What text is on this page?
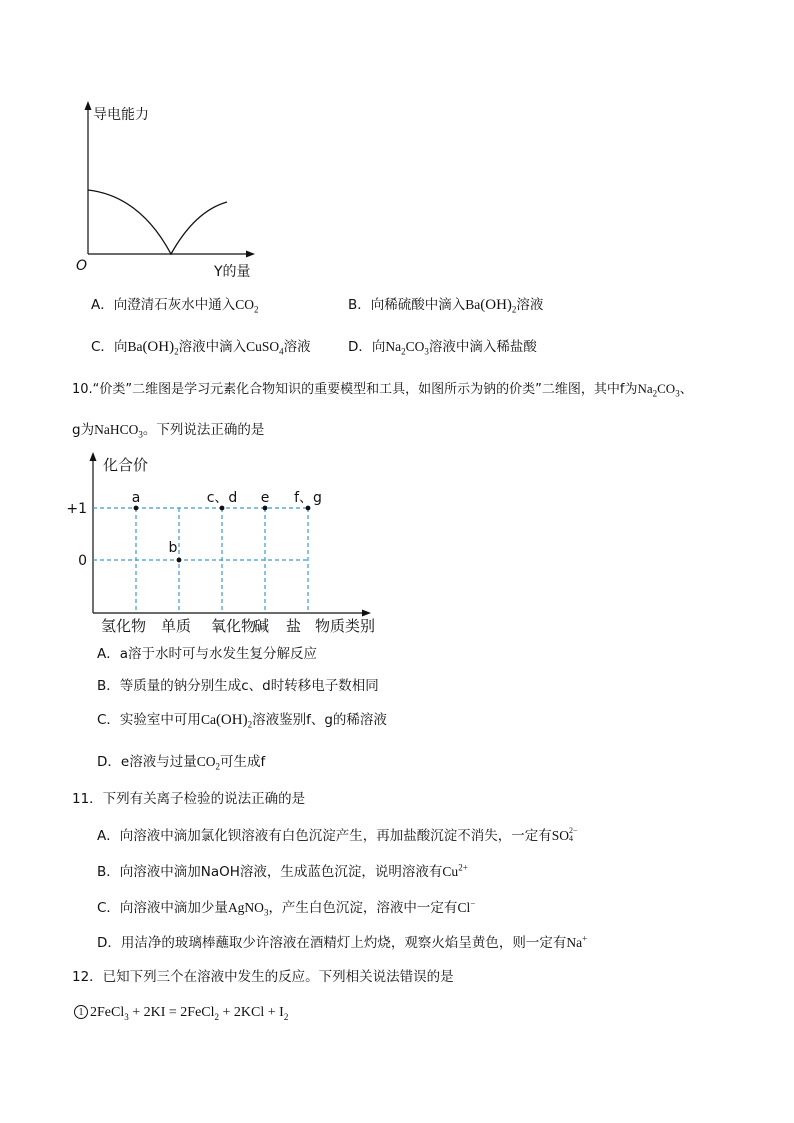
导电能力
O	Y的量
A．向澄清石灰水中通入$CO_2$	B．向稀硫酸中滴入$Ba(OH)_2$溶液
C．向$Ba(OH)_2$溶液中滴入CuSO$_4$溶液	D．向$Na_2CO_3$溶液中滴入稀盐酸
10.“价类”二维图是学习元素化合物知识的重要模型和工具，如图所示为钠的价类”二维图，其中f为$Na_2CO_3$、
g为NaHCO$_3$。下列说法正确的是
a
b
c、d e f、g
化合价
+1
0
氢化物 单质 氧化物
碱 盐 物质类别
A．a溶于水时可与水发生复分解反应
B．等质量的钠分别生成c、d时转移电子数相同
C．实验室中可用$Ca(OH)_2$溶液鉴别f、g的稀溶液
D．e溶液与过量$CO_2$可生成f
11．下列有关离子检验的说法正确的是
A．向溶液中滴加氯化钡溶液有白色沉淀产生，再加盐酸沉淀不消失，一定有SO 2−
4
B．向溶液中滴加NaOH溶液，生成蓝色沉淀，说明溶液有$Cu^{2+}$
C．向溶液中滴加少量AgNO$_3$，产生白色沉淀，溶液中一定有Cl−
D．用洁净的玻璃棒蘸取少许溶液在酒精灯上灼烧，观察火焰呈黄色，则一定有Na+
12．已知下列三个在溶液中发生的反应。下列相关说法错误的是
1 2FeCl$_3$ + 2KI = 2FeCl$_2$ + $2KCl + I_2$
